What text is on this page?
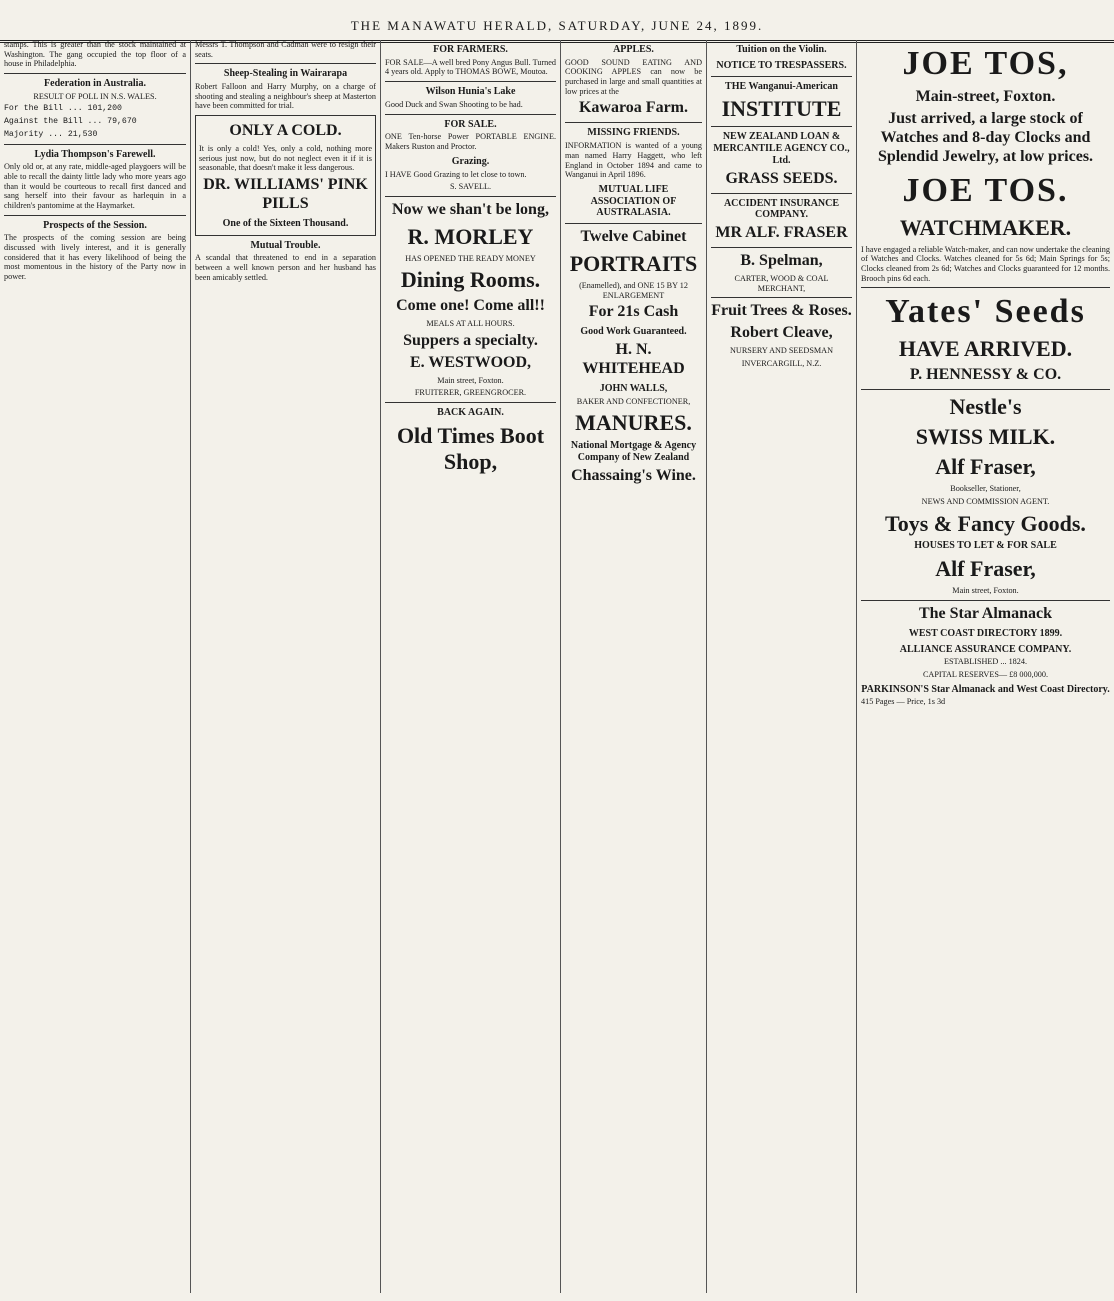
THE MANAWATU HERALD, SATURDAY, JUNE 24, 1899.

stamps. This is greater than the stock maintained at Washington. The gang occupied the top floor of a house in Philadelphia.

Federation in Australia.

RESULT OF POLL IN N.S. WALES.

For the Bill ... 101,200

Against the Bill ... 79,670

Majority ... 21,530

Lydia Thompson's Farewell.

Only old or, at any rate, middle-aged playgoers will be able to recall the dainty little lady who more years ago than it would be courteous to recall first danced and sang herself into their favour as harlequin in a children's pantomime at the Haymarket.

Prospects of the Session.

The prospects of the coming session are being discussed with lively interest, and it is generally considered that it has every likelihood of being the most momentous in the history of the Party now in power.

Messrs T. Thompson and Cadman were to resign their seats.

Sheep-Stealing in Wairarapa

Robert Falloon and Harry Murphy, on a charge of shooting and stealing a neighbour's sheep at Masterton have been committed for trial.

ONLY A COLD.

It is only a cold! Yes, only a cold, nothing more serious just now, but do not neglect even it if it is seasonable, that doesn't make it less dangerous.

DR. WILLIAMS' PINK PILLS
One of the Sixteen Thousand.
Mutual Trouble.

A scandal that threatened to end in a separation between a well known person and her husband has been amicably settled.

FOR FARMERS.

FOR SALE—A well bred Pony Angus Bull. Turned 4 years old. Apply to THOMAS BOWE, Moutoa.

Wilson Hunia's Lake

Good Duck and Swan Shooting to be had.

FOR SALE.

ONE Ten-horse Power PORTABLE ENGINE. Makers Ruston and Proctor.

Grazing.

I HAVE Good Grazing to let close to town.

S. SAVELL.

Now we shan't be long,
R. MORLEY

HAS OPENED THE READY MONEY

Dining Rooms.
Come one! Come all!!

MEALS AT ALL HOURS.

Suppers a specialty.
E. WESTWOOD,

Main street, Foxton.

FRUITERER, GREENGROCER.

BACK AGAIN.
Old Times Boot Shop,
APPLES.

GOOD SOUND EATING AND COOKING APPLES can now be purchased in large and small quantities at low prices at the

Kawaroa Farm.
MISSING FRIENDS.

INFORMATION is wanted of a young man named Harry Haggett, who left England in October 1894 and came to Wanganui in April 1896.

MUTUAL LIFE ASSOCIATION OF AUSTRALASIA.
Twelve Cabinet
PORTRAITS

(Enamelled), and ONE 15 BY 12 ENLARGEMENT

For 21s Cash
Good Work Guaranteed.
H. N. WHITEHEAD
JOHN WALLS,

BAKER AND CONFECTIONER,

MANURES.
National Mortgage & Agency Company of New Zealand
Chassaing's Wine.
Tuition on the Violin.
NOTICE TO TRESPASSERS.
THE Wanganui-American
INSTITUTE
NEW ZEALAND LOAN & MERCANTILE AGENCY CO., Ltd.
GRASS SEEDS.
ACCIDENT INSURANCE COMPANY.
MR ALF. FRASER
B. Spelman,

CARTER, WOOD & COAL MERCHANT,

Fruit Trees & Roses.
Robert Cleave,

NURSERY AND SEEDSMAN

INVERCARGILL, N.Z.

JOE TOS,
Main-street, Foxton.
Just arrived, a large stock of Watches and 8-day Clocks and Splendid Jewelry, at low prices.
JOE TOS.
WATCHMAKER.

I have engaged a reliable Watch-maker, and can now undertake the cleaning of Watches and Clocks. Watches cleaned for 5s 6d; Main Springs for 5s; Clocks cleaned from 2s 6d; Watches and Clocks guaranteed for 12 months. Brooch pins 6d each.

Yates' Seeds
HAVE ARRIVED.
P. HENNESSY & CO.
Nestle's
SWISS MILK.
Alf Fraser,

Bookseller, Stationer,

NEWS AND COMMISSION AGENT.

Toys & Fancy Goods.
HOUSES TO LET & FOR SALE
Alf Fraser,

Main street, Foxton.

The Star Almanack
WEST COAST DIRECTORY 1899.
ALLIANCE ASSURANCE COMPANY.

ESTABLISHED ... 1824.

CAPITAL RESERVES— £8 000,000.

PARKINSON'S Star Almanack and West Coast Directory.

415 Pages — Price, 1s 3d
